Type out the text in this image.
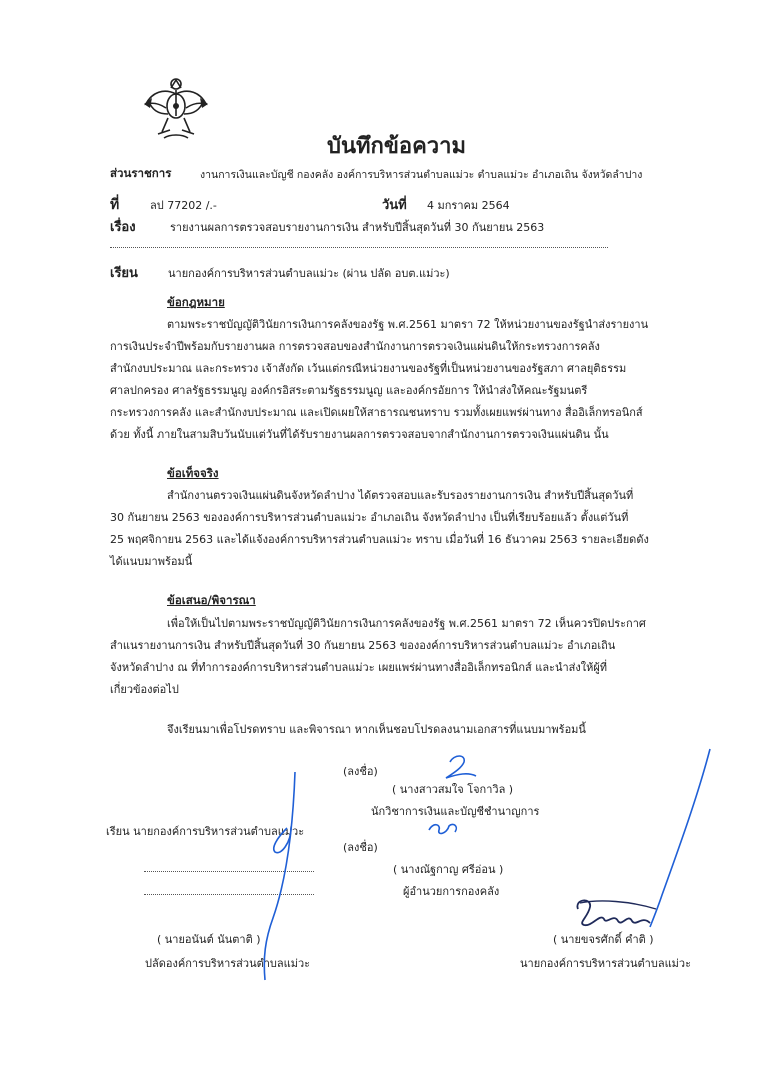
บันทึกข้อความ
ส่วนราชการ	งานการเงินและบัญชี กองคลัง องค์การบริหารส่วนตำบลแม่วะ ตำบลแม่วะ อำเภอเถิน จังหวัดลำปาง
ที่	ลป 77202 /.-	วันที่ 4 มกราคม 2564
เรื่อง	รายงานผลการตรวจสอบรายงานการเงิน สำหรับปีสิ้นสุดวันที่ 30 กันยายน 2563
เรียน	นายกองค์การบริหารส่วนตำบลแม่วะ (ผ่าน ปลัด อบต.แม่วะ)
ข้อกฎหมาย
ตามพระราชบัญญัติวินัยการเงินการคลังของรัฐ พ.ศ.2561 มาตรา 72 ให้หน่วยงานของรัฐนำส่งรายงาน
การเงินประจำปีพร้อมกับรายงานผล การตรวจสอบของสำนักงานการตรวจเงินแผ่นดินให้กระทรวงการคลัง
สำนักงบประมาณ และกระทรวง เจ้าสังกัด เว้นแต่กรณีหน่วยงานของรัฐที่เป็นหน่วยงานของรัฐสภา ศาลยุติธรรม
ศาลปกครอง ศาลรัฐธรรมนูญ องค์กรอิสระตามรัฐธรรมนูญ และองค์กรอัยการ ให้นำส่งให้คณะรัฐมนตรี
กระทรวงการคลัง และสำนักงบประมาณ และเปิดเผยให้สาธารณชนทราบ รวมทั้งเผยแพร่ผ่านทาง สื่ออิเล็กทรอนิกส์
ด้วย ทั้งนี้ ภายในสามสิบวันนับแต่วันที่ได้รับรายงานผลการตรวจสอบจากสำนักงานการตรวจเงินแผ่นดิน นั้น
ข้อเท็จจริง
สำนักงานตรวจเงินแผ่นดินจังหวัดลำปาง ได้ตรวจสอบและรับรองรายงานการเงิน สำหรับปีสิ้นสุดวันที่
30 กันยายน 2563 ขององค์การบริหารส่วนตำบลแม่วะ อำเภอเถิน จังหวัดลำปาง เป็นที่เรียบร้อยแล้ว ตั้งแต่วันที่
25 พฤศจิกายน 2563 และได้แจ้งองค์การบริหารส่วนตำบลแม่วะ ทราบ เมื่อวันที่ 16 ธันวาคม 2563 รายละเอียดดัง
ได้แนบมาพร้อมนี้
ข้อเสนอ/พิจารณา
เพื่อให้เป็นไปตามพระราชบัญญัติวินัยการเงินการคลังของรัฐ พ.ศ.2561 มาตรา 72 เห็นควรปิดประกาศ
สำแนรายงานการเงิน สำหรับปีสิ้นสุดวันที่ 30 กันยายน 2563 ขององค์การบริหารส่วนตำบลแม่วะ อำเภอเถิน
จังหวัดลำปาง ณ ที่ทำการองค์การบริหารส่วนตำบลแม่วะ เผยแพร่ผ่านทางสื่ออิเล็กทรอนิกส์ และนำส่งให้ผู้ที่
เกี่ยวข้องต่อไป
จึงเรียนมาเพื่อโปรดทราบ และพิจารณา หากเห็นชอบโปรดลงนามเอกสารที่แนบมาพร้อมนี้
(ลงชื่อ)
( นางสาวสมใจ โจกาวิล )
นักวิชาการเงินและบัญชีชำนาญการ
เรียน นายกองค์การบริหารส่วนตำบลแม่วะ
(ลงชื่อ)
( นางณัฐกาญ ศรีอ่อน )
ผู้อำนวยการกองคลัง
( นายอนันต์ นันตาติ )
ปลัดองค์การบริหารส่วนตำบลแม่วะ
( นายขจรศักดิ์ คำติ )
นายกองค์การบริหารส่วนตำบลแม่วะ
